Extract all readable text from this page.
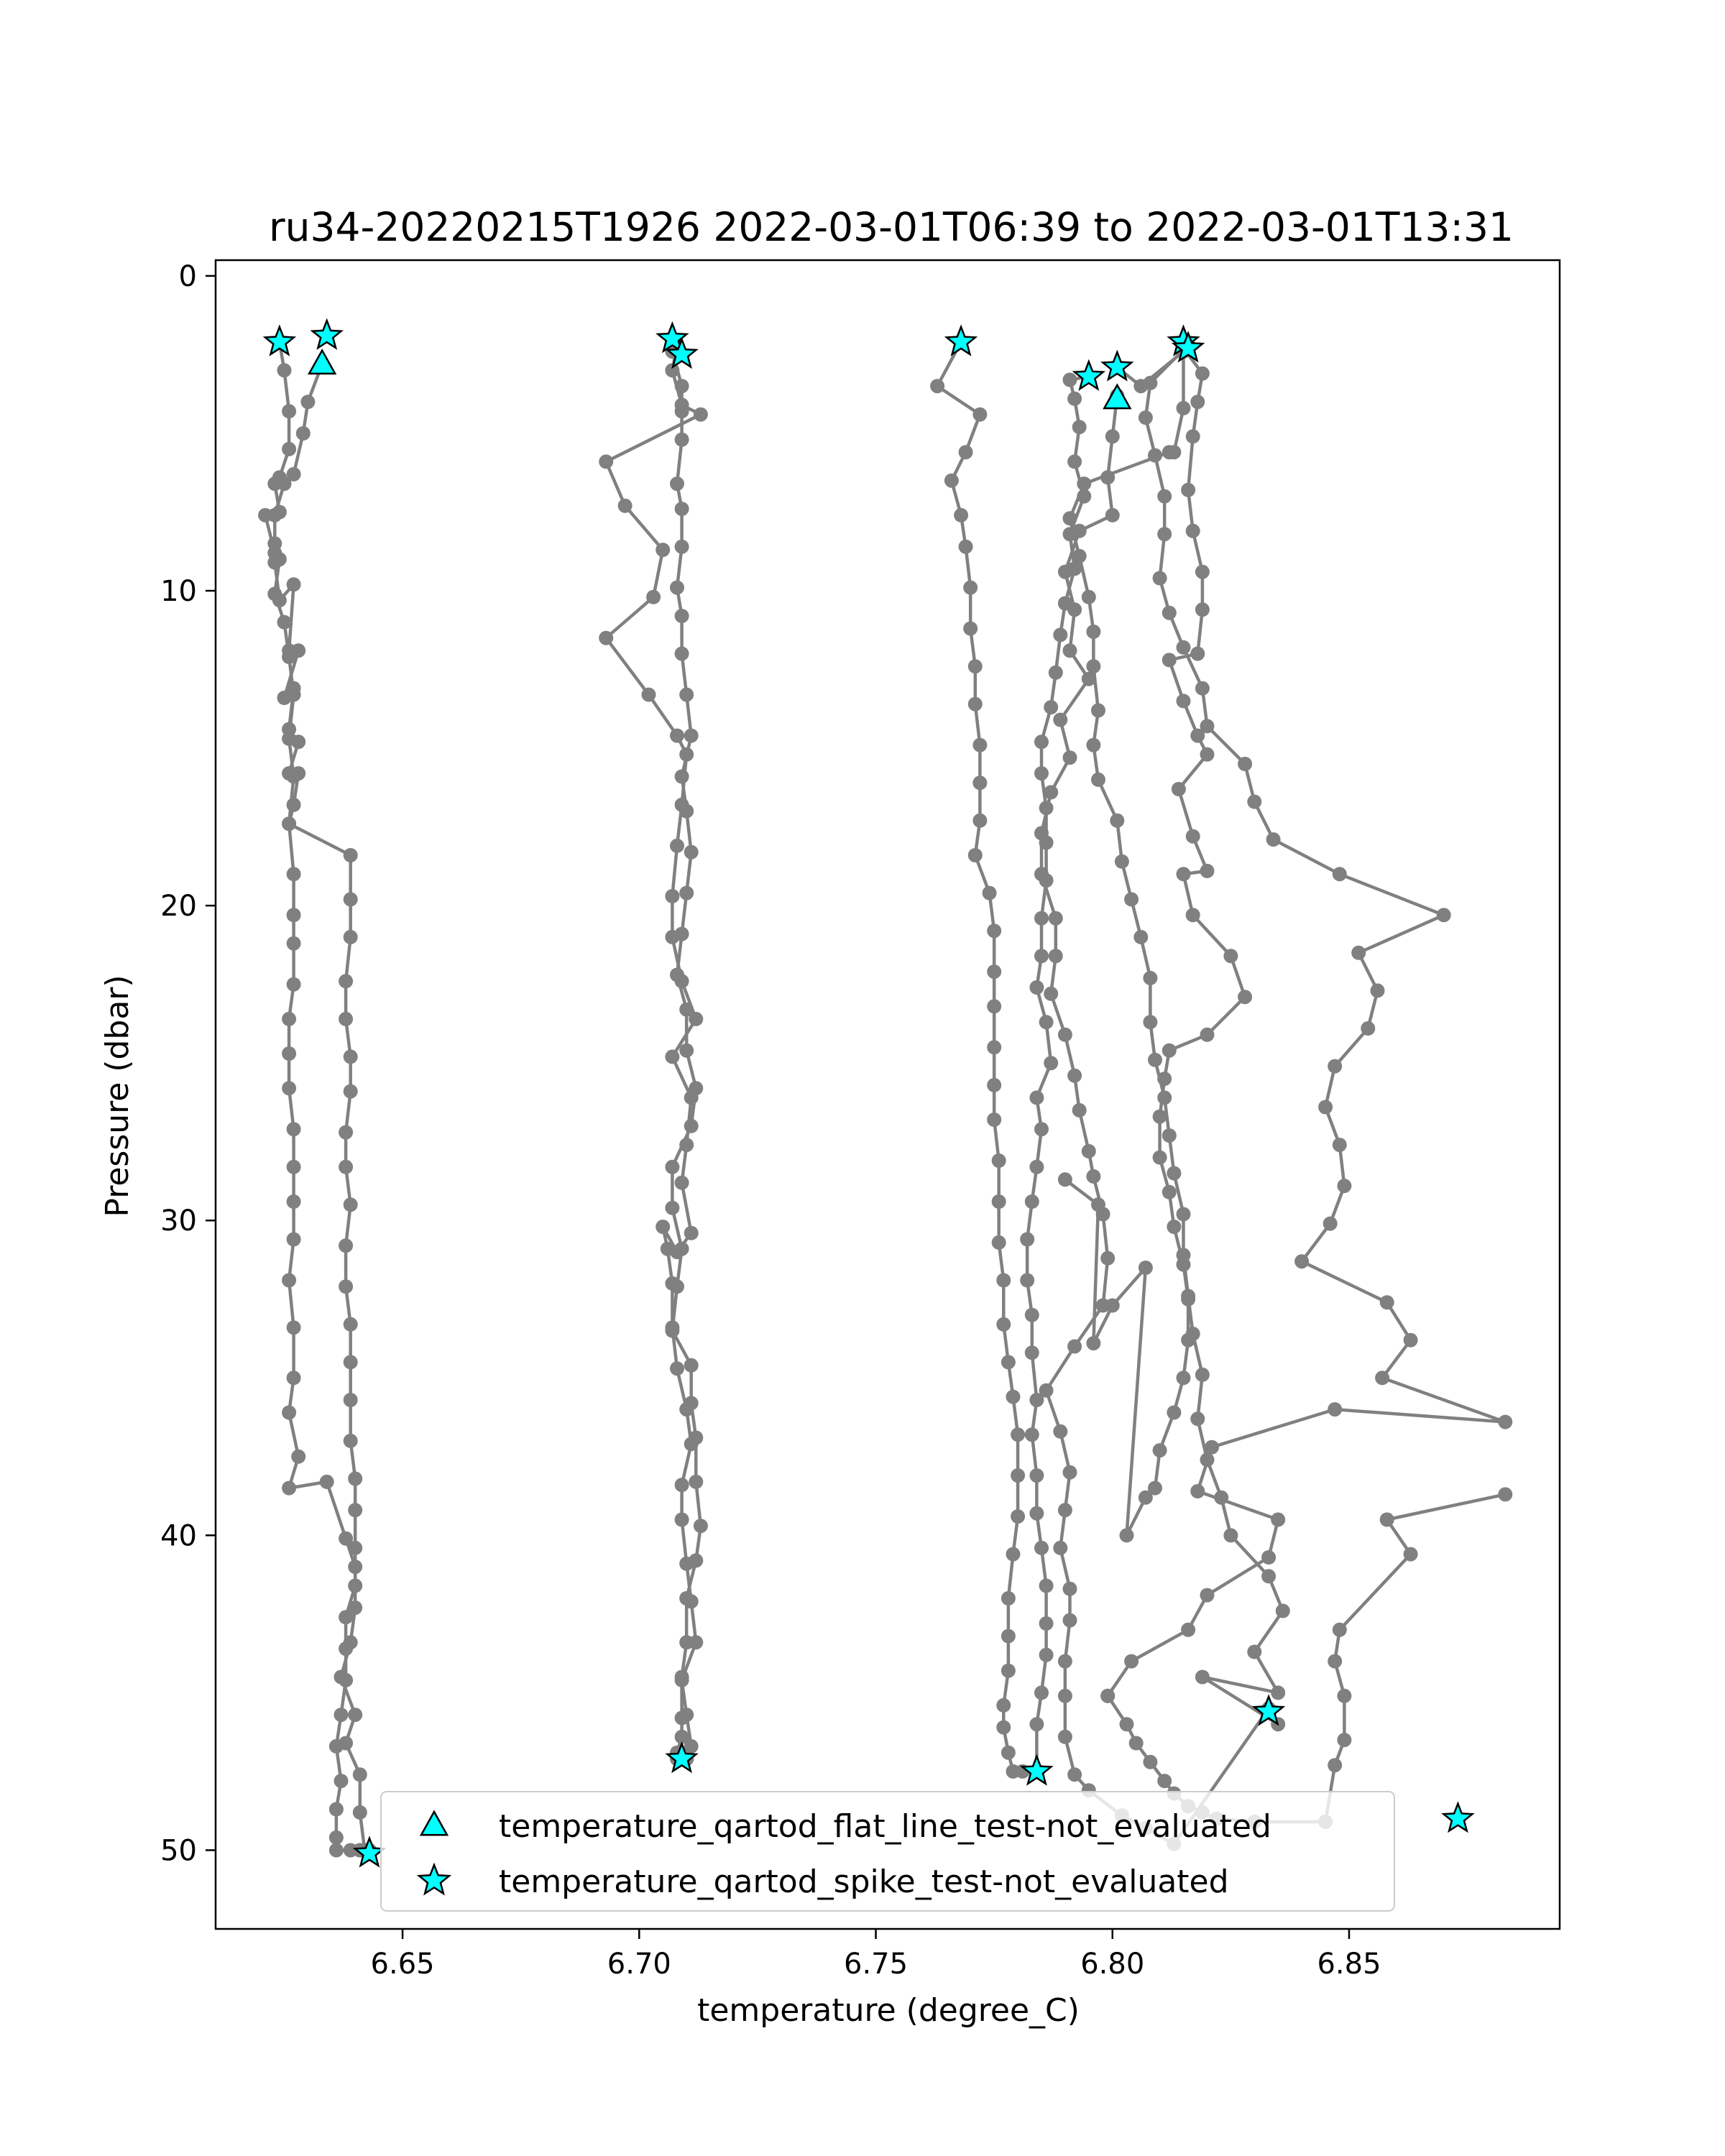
ru34-20220215T1926 2022-03-01T06:39 to 2022-03-01T13:31
6.65	6.70	6.75	6.80	6.85
0
10
20
30
40
50
temperature (degree_C)
Pressure (dbar)
temperature_qartod_flat_line_test-not_evaluated
temperature_qartod_spike_test-not_evaluated
